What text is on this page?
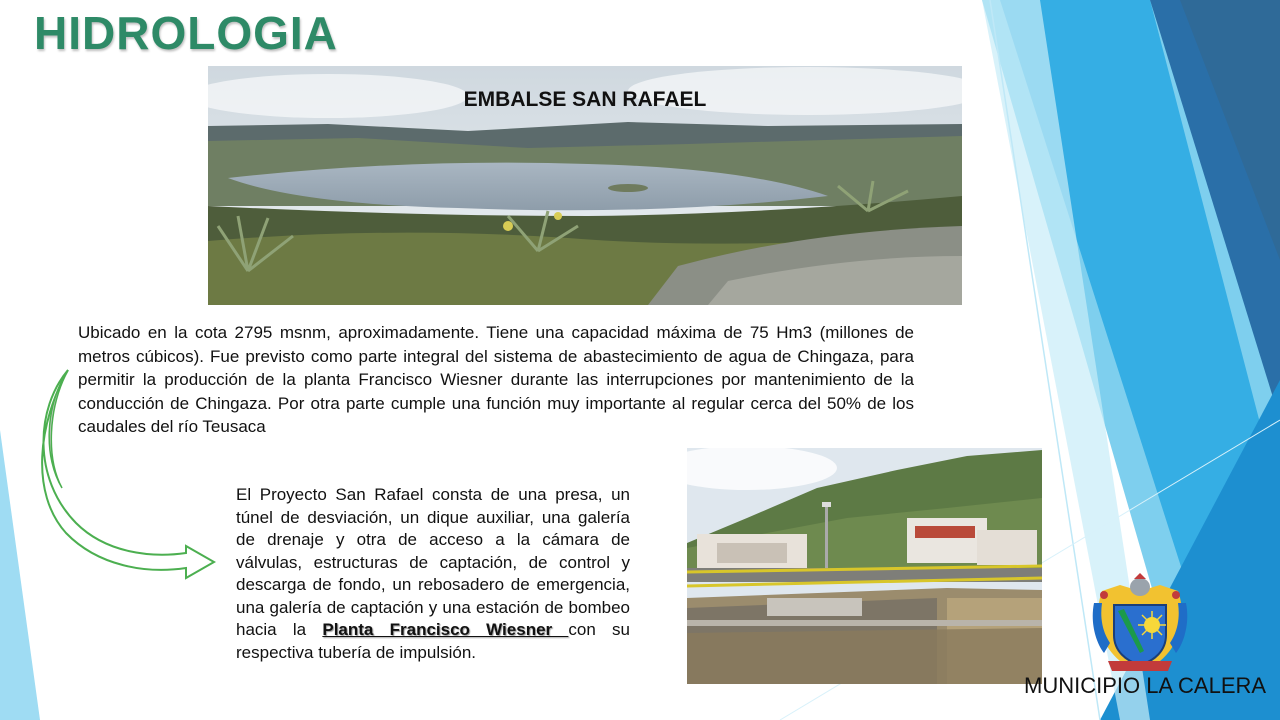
HIDROLOGIA
EMBALSE SAN RAFAEL
Ubicado en la cota 2795 msnm, aproximadamente. Tiene una capacidad máxima de 75 Hm3 (millones de metros cúbicos). Fue previsto como parte integral del sistema de abastecimiento de agua de Chingaza, para permitir la producción de la planta Francisco Wiesner durante las interrupciones por mantenimiento de la conducción de Chingaza. Por otra parte cumple una función muy importante al regular cerca del 50% de los caudales del río Teusaca
El Proyecto San Rafael consta de una presa, un túnel de desviación, un dique auxiliar, una galería de drenaje y otra de acceso a la cámara de válvulas, estructuras de captación, de control y descarga de fondo, un rebosadero de emergencia, una galería de captación y una estación de bombeo hacia la Planta Francisco Wiesner con su respectiva tubería de impulsión.
MUNICIPIO LA CALERA
